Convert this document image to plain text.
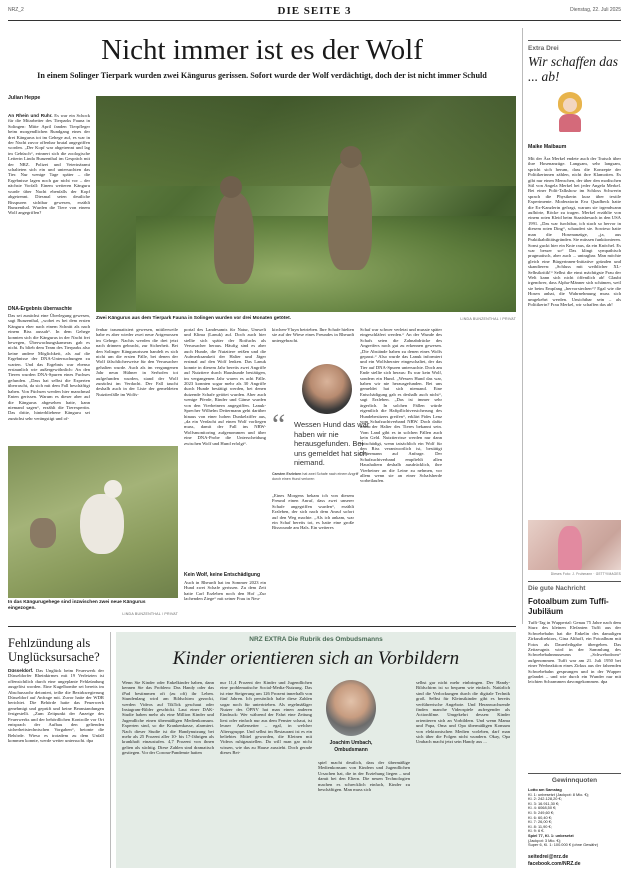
NRZ_2	DIE SEITE 3	Dienstag, 22. Juli 2025
Nicht immer ist es der Wolf
In einem Solinger Tierpark wurden zwei Kängurus gerissen. Sofort wurde der Wolf verdächtigt, doch der ist nicht immer Schuld
Julian Heppe
An Rhein und Ruhr. Es war ein Schock für die Mitarbeiter des Tierparks Fauna in Solingen: Mitte April fanden Tierpfleger beim morgendlichen Rundgang eines der drei Kängurus tot im Gehege auf, es war in der Nacht zuvor offenbar brutal angegriffen worden. „Der Kopf war abgetrennt und lag im Gebüsch“, erinnert sich die zoologische Leiterin Linda Bunzenthal im Gespräch mit der NRZ. Polizei und Veterinäramt schalteten sich ein und untersuchten das Tier. Nur wenige Tage später – die Ergebnisse lagen noch gar nicht vor – der nächste Vorfall: Einem weiteren Känguru wurde über Nacht ebenfalls der Kopf abgetrennt. Diesmal seien deutliche Bisspuren sichtbar gewesen, erzählt Bunzenthal. Wurden die Tiere von einem Wolf angegriffen?
DNA-Ergebnis überraschte
Das sei zunächst eine Überlegung gewesen, sagt Bunzenthal, „wobei es bei dem ersten Känguru eher nach einem Schnitt als nach einem Biss aussah“. In dem Gehege konnten sich die Kängurus in der Nacht frei bewegen, Überwachungskameras gab es nicht. Es blieb dem Team des Tierparks also keine andere Möglichkeit, als auf die Ergebnisse der DNA-Untersuchungen zu warten. Und das Ergebnis war ebenso erstaunlich wie außergewöhnlich: An den Tieren wurden DNA-Spuren eines Fuchses gefunden. „Dass hat selbst die Experten überrascht, da sich mit dem Fall beschäftigt haben. Von Füchsen werden hier manchmal Enten gerissen. Warum es dieser aber auf die Kängurus abgesehen hatte, kann niemand sagen“, erzählt die Tierexpertin. Das dritte, hinterbliebene Känguru sei zunächst sehr verängstigt und of-
Zwei Kängurus aus dem Tierpark Fauna in Solingen wurden vor drei Monaten getötet.	LINDA BUNZENTHAL / PRIVAT
fenbar traumatisiert gewesen, mittlerweile habe es aber wieder zwei neue Artgenossen im Gehege. Nachts werden die drei jetzt nach drinnen gebracht, zur Sicherheit. Bei den Solinger Kängururissen handelt es sich nicht um die ersten Fälle, bei denen der Wolf fälschlicherweise für den Verursacher gehalten wurde. Auch als im vergangenen Jahr neun Hühner in Serhofen tot aufgefunden wurden, stand der Wolf zunächst im Verdacht. Der Fall taucht deshalb auch in der Liste der gemeldeten Nutztierfälle im Wolfs-
portal des Landesamts für Natur, Umwelt und Klima (Lanuk) auf. Doch auch hier stellte sich später der Rotfuchs als Verursacher heraus. Häufig sind es aber auch Hunde, die Nutztiere reißen und die Aufmerksamkeit der Halter und Jäger erstmal auf den Wolf lenken. Das Lanuk konnte in diesem Jahr bereits zwei Angriffe auf Nutztiere durch Haushunde bestätigen, im vergangenen Jahr waren es acht Fälle. 2023 konnten sogar mehr als 30 Angriffe durch Hunde bestätigt werden, bei denen dutzende Schafe getötet wurden. Aber auch wenige Pferde, Rinder und Gänse wurden von den Vierbeinern angegriffen. Lanuk-Sprecher Wilhelm Deitermann geht darüber hinaus von einer hohen Dunkelziffer aus, „da ein Verdacht auf einen Wolf vorliegen muss, damit der Fall ins NRW-Wolfsmonitoring aufgenommen und über eine DNA-Probe die Unterscheidung zwischen Wolf und Hund erfolgt“.
Kein Wolf, keine Entschädigung
Auch in Rheurdt hat im Sommer 2023 ein Hund zwei Schafe gerissen. Zu dem Zeit hatte Carl Erzleben noch den Hof „Zur lachenden Ziege“ mit seiner Frau in Neu-
kirchen-Vluyn betrieben. Ihre Schafe hielten sie auf der Wiese eines Freundes in Rheurdt untergebracht.
“ Wessen Hund das war, haben wir nie herausgefunden. Bei uns gemeldet hat sich niemand.
Carsten Erzleben hat zwei Schafe nach einem Angriff durch einen Hund verloren
„Eines Morgens bekam ich von diesem Freund einen Anruf, dass zwei unserer Schafe angegriffen wurden“, erzählt Erzleben, der sich nach dem Anruf sofort auf den Weg machte. „Als ich ankam, war ein Schaf bereits tot, es hatte eine große Bisswunde am Hals. Ein weiteres
Schaf war schwer verletzt und musste später eingeschläfert werden.“ An der Wunde des Schafs seien die Zahnabdrücke des Angreifers noch gut zu erkennen gewesen. „Die Abstände haben zu denen eines Wolfs gepasst.“ Also wurde das Lanuk informiert und ein Wolfsberater eingeschaltet, der das Tier auf DNA-Spuren untersuchte. Doch am Ende stellte sich heraus: Es war kein Wolf, sondern ein Hund. „Wessen Hund das war, haben wir nie herausgefunden. Bei uns gemeldet hat sich niemand. Eine Entschädigung gab es deshalb auch nicht“, sagt Erzleben. „Das ist immer sehr ärgerlich. In solchen Fällen würde eigentlich die Haftpflichtversicherung des Hundebesitzers greifen“, erklärt Fides Lenz vom Schafzuchtverband NRW. Doch dafür muss der Halter des Tieres bekannt sein. Vom Land gibt es in solchen Fällen auch kein Geld. Nutztierrisse werden nur dann entschädigt, wenn tatsächlich ein Wolf für den Riss verantwortlich ist, bestätigt Deitermann auf Anfrage. Der Schafzuchtverband empfiehlt allen Haushaltern deshalb ausdrücklich, ihre Vierbeiner an die Leine zu nehmen, vor allem wenn sie an einer Schafsherde vorbeilaufen.
In das Kängurugehege sind inzwischen zwei neue Kängurus eingezogen.
LINDA BUNZENTHAL / PRIVAT
Extra Drei
Wir schaffen das ... ab!
Maike Maibaum
Mit der Ära Merkel endete auch der Tratsch über ihre Hosenanzüge. Langsam, sehr langsam, spricht sich herum, dass die Konzepte der Politikerinnen zählen, nicht ihre Klamotten. Es gibt nur einen Menschen, der über den modischen Stil von Angela Merkel bei jeder Angela Merkel. Bei einer Polit-Talkshow im Schloss Schwerin sprach die Physikerin kurz über textile Experimente. Moderatorin Eva Quadbeck hatte die Ex-Kanzlerin gefragt, warum sie irgendwann aufhörte, Röcke zu tragen. Merkel erzählte von einem roten Kleid beim Staatsbesuch in den USA 1991. „Das war furchtbar, ich stach so hervor in diesem roten Ding“, schaudert sie. Sowieso hatte man die Hosenanzüge, „ja, aus Praktikabilitätsgründen. Sie müssen funktionieren. Sonst guckt hier ein Knie raus, da ein Knöchel. Es war besser so“ Das klingt sympathisch pragmatisch, aber auch ... untragbar. Man möchte gleich eine Bürgerinnen-Initiative gründen und skandieren: „Schluss mit weiblicher XL-Selbstkritik!“ Selbst die einst mächtigste Frau der Welt kann sich nicht öffentlich ab! Glaubt irgendwer, dass Alpha-Männer sich schämen, weil sie beim Empfang „hervorstechen“? Egal wie die Hosen anhat, die Wahrnehmung muss sich umgekehrt werden. Unsichtbar sein – als Politikerin? Frau Merkel, wir schaffen das ab!
Dieses Foto: J. Fruhmann · GETTYIMAGES
Die gute Nachricht
Fotoalbum zum Tuffi-Jubiläum
Tuffi-Tag in Wuppertal: Genau 75 Jahre nach dem Sturz des kleinen Elefanten Tuffi aus der Schwebebahn hat die Enkelin des damaligen Zirkusdirektors, Gina Althoff, ein Fotoalbum mit Fotos als Dauerleihgabe übergeben. Das Zeitzeugnis wird in der Sammlung des Schwebebahnmuseums „Schwebodrom“ aufgenommen. Tuffi war am 21. Juli 1950 bei einer Werbeaktion eines Zirkus aus der fahrenden Schwebebahn gesprungen und in der Wupper gelandet – und wie durch ein Wunder nur mit leichten Schrammen davongekommen. dpa
Gewinnquoten
Lotto am Samstag
Kl. 1: unbesetzt (Jackpot: 8 Mio. €);
Kl. 2: 242.128,20 €;
Kl. 3: 16.911,30 €;
Kl. 4: 6068,50 €;
Kl. 5: 249,60 €;
Kl. 6: 60,40 €;
Kl. 7: 26,00 €;
Kl. 8: 11,90 €;
Kl. 9: 6 €.
Spiel 77, Kl. 1: unbesetzt
(Jackpot: 3 Mio. €);
Super 6, Kl. 1: 100.000 € (ohne Gewähr)
seitedrei@nrz.de
facebook.com/NRZ.de
Fehlzündung als Unglücksursache?
Düsseldorf. Das Unglück beim Feuerwerk der Düsseldorfer Rheinkirmes mit 19 Verletzten ist offensichtlich durch eine ungeplante Fehlzündung ausgelöst worden. Eine Kugelbombe sei bereits im Abschussrohr detoniert, teilte die Bezirksregierung Düsseldorf auf Anfrage mit. Zuvor hatte der WDR berichtet. Die Behörde hatte das Feuerwerk genehmigt und geprüft und keine Beanstandungen festgestellt. „Zum Zeitpunkt der Anzeige des Feuerwerks und der behördlichen Kontrolle vor Ort entsprach der Aufbau den geltenden sicherheitstechnischen Vorgaben“, betonte die Behörde. Wieso es trotzdem zu dem Unfall kommen konnte, werde weiter untersucht. dpa
NRZ EXTRA Die Rubrik des Ombudsmanns
Kinder orientieren sich an Vorbildern
Wenn Sie Kinder oder Enkelkinder haben, dann kennen Sie das Problem: Das Handy oder das iPad bestimmen oft (zu oft) ihr Leben. Stundenlang wird am Bildschirm gezockt, werden Videos auf TikTok geschaut oder Instagram-Bilder geschickt. Laut einer DAK-Studie haben mehr als eine Million Kinder und Jugendliche einen übermäßigen Medienkonsum. Experten sind, so die Krankenkasse, alarmiert. Nach dieser Studie ist die Handynutzung bei mehr als 25 Prozent aller 10- bis 17-Jährigen als krankhaft einzustufen. 4,7 Prozent von ihnen gelten als süchtig. Diese Zahlen sind dramatisch gestiegen. Vor der Corona-Pandemie hatten
nur 11,4 Prozent der Kinder und Jugendlichen eine problematische Social-Media-Nutzung. Das ist eine Steigerung um 126 Prozent innerhalb von fünf Jahren. Ich persönlich halte diese Zahlen sogar noch für untertrieben. Als regelmäßiger Nutzer des ÖPNV hat man einen anderen Eindruck: Wer während der Fahrt eine Zeitung liest oder einfach nur aus dem Fenster schaut, ist leuser Außenseiter – egal, in welcher Altersgruppe. Und selbst im Restaurant ist es ein beliebtes Mittel geworden, die Kleinen mit Videos ruhigzustellen. Da will man gar nicht wissen, wie das zu Hause aussieht. Doch gerade dieses Bei-
Joachim Umbach,
Ombudsmann
spiel macht deutlich, dass der übermäßige Medienkonsum von Kindern und Jugendlichen Ursachen hat, die in der Erziehung liegen – und damit bei den Eltern. Die neuen Technologien machen es schrecklich einfach, Kinder zu beschäftigen. Man muss sich
selbst gar nicht mehr einbringen. Der Handy-Bildschirm ist so bequem wie einfach. Natürlich sind die Verlockungen durch die digitale Technik groß. Selbst für Kleinstkinder gibt es bereits verführerische Angebote. Und Heranwachsende finden manche Videospiele aufregender als Actionfilme. Umgekehrt dessen: Kinder orientieren sich an Vorbildern. Und wenn Mama und Papa, Oma und Opa übermäßigen Konsum von elektronischen Medien vorleben, darf man sich über die Folgen nicht wundern. Okay, Opa Umbach macht jetzt sein Handy aus ...
